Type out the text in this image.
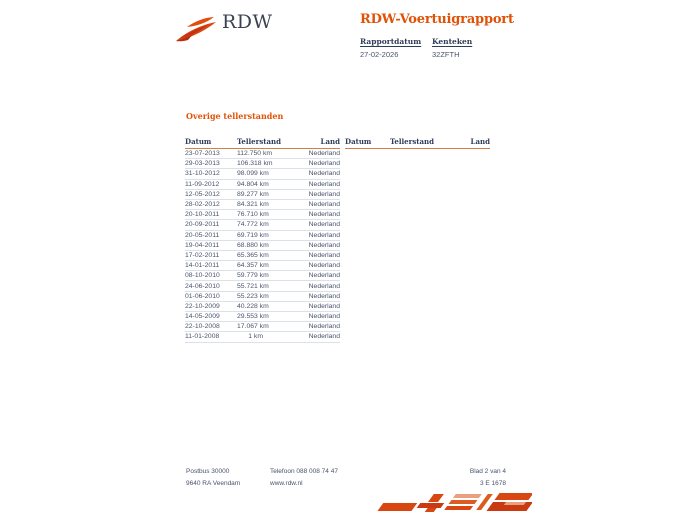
RDW	RDW-Voertuigrapport
Rapportdatum
27-02-2026
Kenteken
32ZFTH
Overige tellerstanden
Datum	Tellerstand	Land
23-07-2013	112.750 km	Nederland
29-03-2013	106.318 km	Nederland
31-10-2012	98.099 km	Nederland
11-09-2012	94.804 km	Nederland
12-05-2012	89.277 km	Nederland
28-02-2012	84.321 km	Nederland
20-10-2011	76.710 km	Nederland
20-09-2011	74.772 km	Nederland
20-05-2011	69.719 km	Nederland
19-04-2011	68.880 km	Nederland
17-02-2011	65.365 km	Nederland
14-01-2011	64.357 km	Nederland
08-10-2010	59.779 km	Nederland
24-06-2010	55.721 km	Nederland
01-06-2010	55.223 km	Nederland
22-10-2009	40.228 km	Nederland
14-05-2009	29.553 km	Nederland
22-10-2008	17.067 km	Nederland
11-01-2008	1 km	Nederland
Datum	Tellerstand	Land
Postbus 30000
9640 RA Veendam
Telefoon 088 008 74 47
www.rdw.nl
Blad 2 van 4
3 E 1678
